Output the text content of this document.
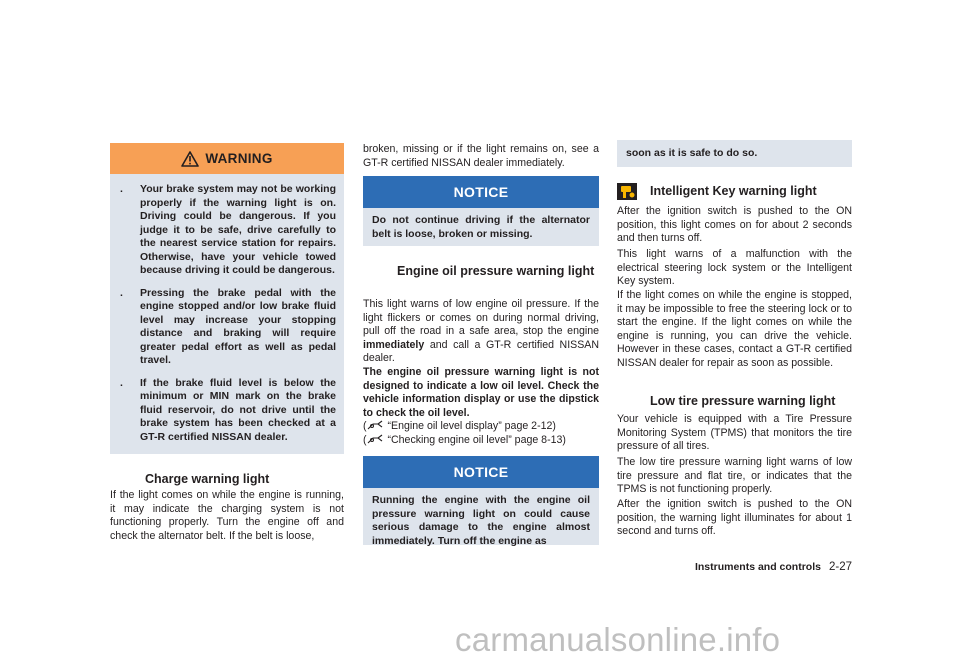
WARNING
. Your brake system may not be working properly if the warning light is on. Driving could be dangerous. If you judge it to be safe, drive carefully to the nearest service station for repairs. Otherwise, have your vehicle towed because driving it could be dangerous.
. Pressing the brake pedal with the engine stopped and/or low brake fluid level may increase your stopping distance and braking will require greater pedal effort as well as pedal travel.
. If the brake fluid level is below the minimum or MIN mark on the brake fluid reservoir, do not drive until the brake system has been checked at a GT-R certified NISSAN dealer.
Charge warning light

If the light comes on while the engine is running, it may indicate the charging system is not functioning properly. Turn the engine off and check the alternator belt. If the belt is loose,

broken, missing or if the light remains on, see a GT-R certified NISSAN dealer immediately.

NOTICE
Do not continue driving if the alternator belt is loose, broken or missing.
Engine oil pressure warning light

This light warns of low engine oil pressure. If the light flickers or comes on during normal driving, pull off the road in a safe area, stop the engine immediately and call a GT-R certified NISSAN dealer.

The engine oil pressure warning light is not designed to indicate a low oil level. Check the vehicle information display or use the dipstick to check the oil level.

( “Engine oil level display” page 2-12)

( “Checking engine oil level” page 8-13)

NOTICE
Running the engine with the engine oil pressure warning light on could cause serious damage to the engine almost immediately. Turn off the engine as
soon as it is safe to do so.
Intelligent Key warning light

After the ignition switch is pushed to the ON position, this light comes on for about 2 seconds and then turns off.

This light warns of a malfunction with the electrical steering lock system or the Intelligent Key system.

If the light comes on while the engine is stopped, it may be impossible to free the steering lock or to start the engine. If the light comes on while the engine is running, you can drive the vehicle. However in these cases, contact a GT-R certified NISSAN dealer for repair as soon as possible.

Low tire pressure warning light

Your vehicle is equipped with a Tire Pressure Monitoring System (TPMS) that monitors the tire pressure of all tires.

The low tire pressure warning light warns of low tire pressure and flat tire, or indicates that the TPMS is not functioning properly.

After the ignition switch is pushed to the ON position, the warning light illuminates for about 1 second and turns off.

Instruments and controls 2-27
carmanualsonline.info
